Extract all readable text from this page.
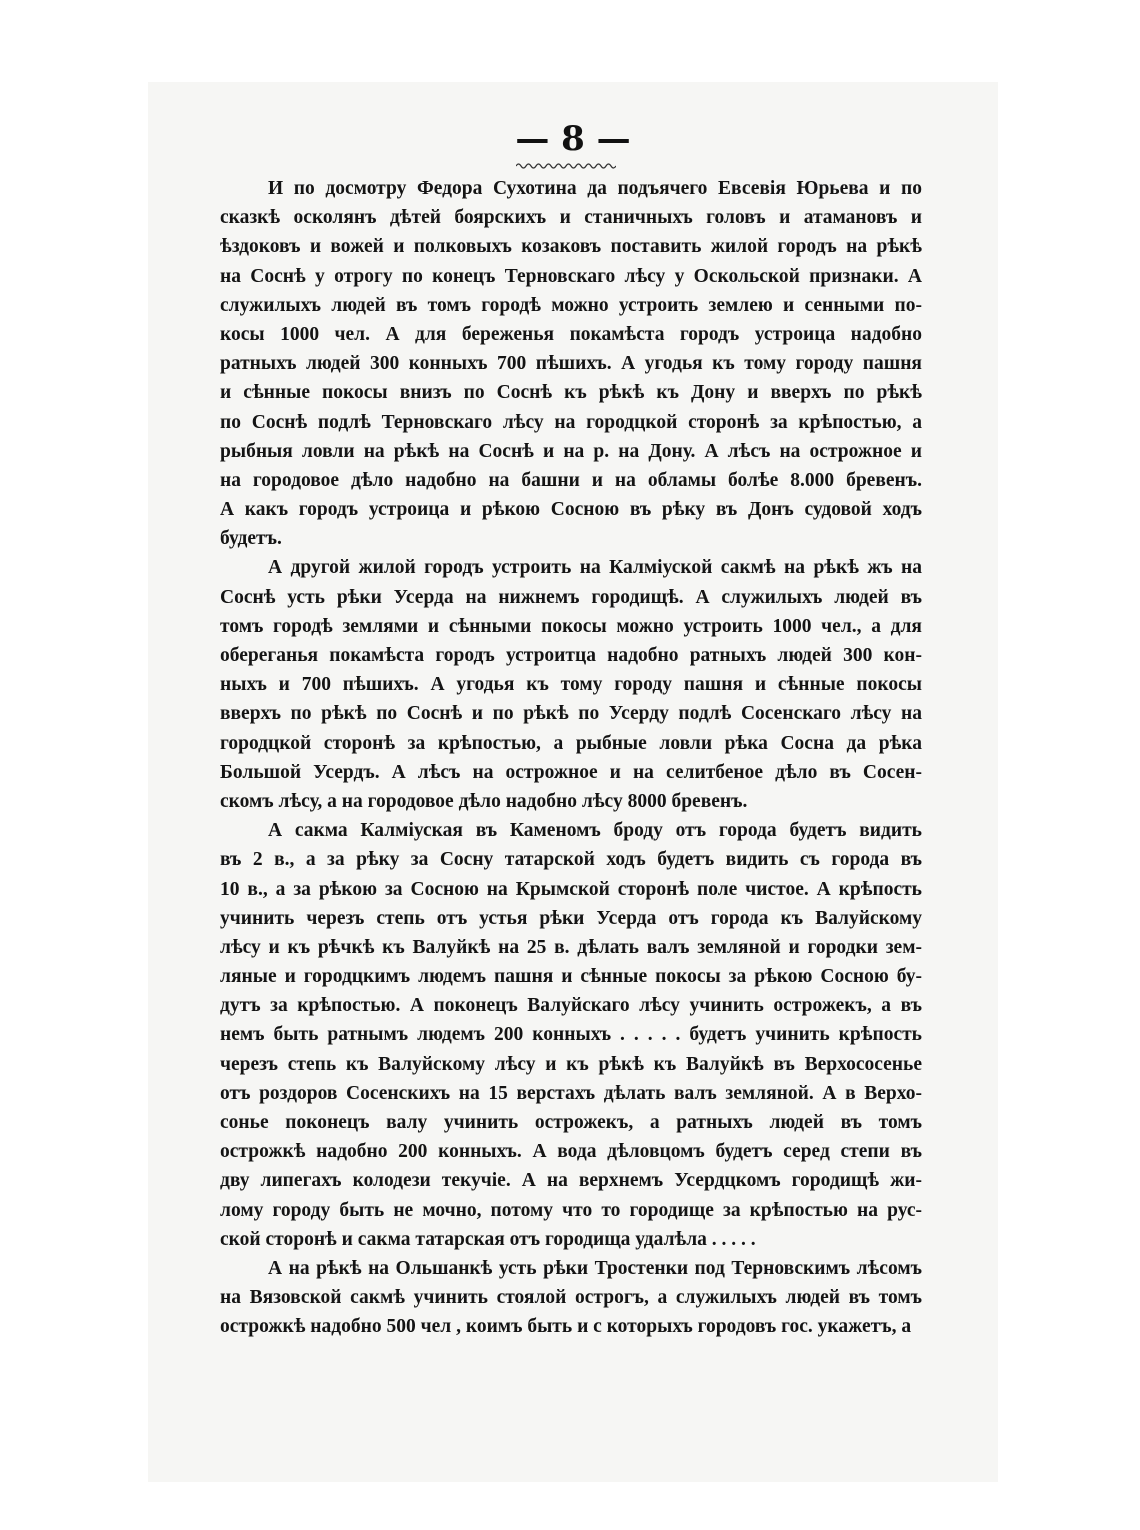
— 8 —
И по досмотру Федора Сухотина да подъячего Евсевія Юрьева и по
сказкѣ осколянъ дѣтей боярскихъ и станичныхъ головъ и атамановъ и
ѣздоковъ и вожей и полковыхъ козаковъ поставить жилой городъ на рѣкѣ
на Соснѣ у отрогу по конецъ Терновскаго лѣсу у Оскольской признаки. А
служилыхъ людей въ томъ городѣ можно устроить землею и сенными по-
косы 1000 чел. А для береженья покамѣста городъ устроица надобно
ратныхъ людей 300 конныхъ 700 пѣшихъ. А угодья къ тому городу пашня
и сѣнные покосы внизъ по Соснѣ къ рѣкѣ къ Дону и вверхъ по рѣкѣ
по Соснѣ подлѣ Терновскаго лѣсу на городцкой сторонѣ за крѣпостью, а
рыбныя ловли на рѣкѣ на Соснѣ и на р. на Дону. А лѣсъ на острожное и
на городовое дѣло надобно на башни и на обламы болѣе 8.000 бревенъ.
А какъ городъ устроица и рѣкою Сосною въ рѣку въ Донъ судовой ходъ
будетъ.
А другой жилой городъ устроить на Калміуской сакмѣ на рѣкѣ жъ на
Соснѣ усть рѣки Усерда на нижнемъ городищѣ. А служилыхъ людей въ
томъ городѣ землями и сѣнными покосы можно устроить 1000 чел., а для
обереганья покамѣста городъ устроитца надобно ратныхъ людей 300 кон-
ныхъ и 700 пѣшихъ. А угодья къ тому городу пашня и сѣнные покосы
вверхъ по рѣкѣ по Соснѣ и по рѣкѣ по Усерду подлѣ Сосенскаго лѣсу на
городцкой сторонѣ за крѣпостью, а рыбные ловли рѣка Сосна да рѣка
Большой Усердъ. А лѣсъ на острожное и на селитбеное дѣло въ Сосен-
скомъ лѣсу, а на городовое дѣло надобно лѣсу 8000 бревенъ.
А сакма Калміуская въ Каменомъ броду отъ города будетъ видить
въ 2 в., а за рѣку за Сосну татарской ходъ будетъ видить съ города въ
10 в., а за рѣкою за Сосною на Крымской сторонѣ поле чистое. А крѣпость
учинить черезъ степь отъ устья рѣки Усерда отъ города къ Валуйскому
лѣсу и къ рѣчкѣ къ Валуйкѣ на 25 в. дѣлать валъ земляной и городки зем-
ляные и городцкимъ людемъ пашня и сѣнные покосы за рѣкою Сосною бу-
дутъ за крѣпостью. А поконецъ Валуйскаго лѣсу учинить острожекъ, а въ
немъ быть ратнымъ людемъ 200 конныхъ . . . . . будетъ учинить крѣпость
черезъ степь къ Валуйскому лѣсу и къ рѣкѣ къ Валуйкѣ въ Верхососенье
отъ роздоров Сосенскихъ на 15 верстахъ дѣлать валъ земляной. А в Верхо-
сонье поконецъ валу учинить острожекъ, а ратныхъ людей въ томъ
острожкѣ надобно 200 конныхъ. А вода дѣловцомъ будетъ серед степи въ
дву липегахъ колодези текучіе. А на верхнемъ Усердцкомъ городищѣ жи-
лому городу быть не мочно, потому что то городище за крѣпостью на рус-
ской сторонѣ и сакма татарская отъ городища удалѣла . . . . .
А на рѣкѣ на Ольшанкѣ усть рѣки Тростенки под Терновскимъ лѣсомъ
на Вязовской сакмѣ учинить стоялой острогъ, а служилыхъ людей въ томъ
острожкѣ надобно 500 чел , коимъ быть и с которыхъ городовъ гос. укажетъ, а
